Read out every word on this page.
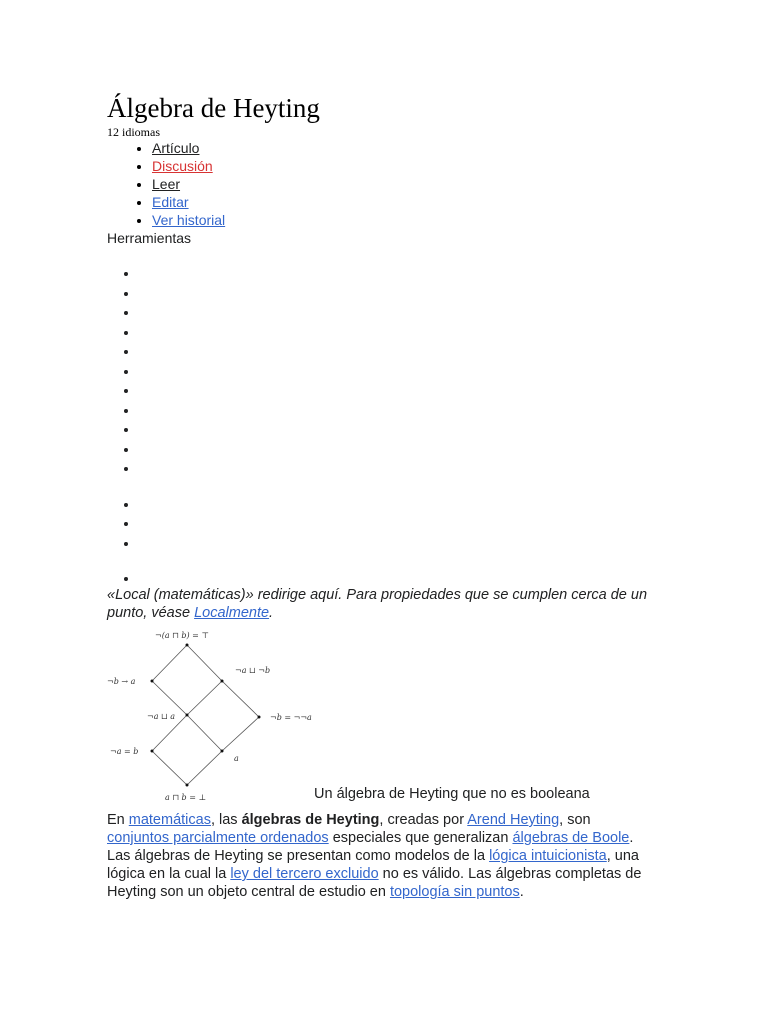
Álgebra de Heyting
12 idiomas
• Artículo
• Discusión
• Leer
• Editar
• Ver historial
Herramientas
•
•
•
•
•
•
•
•
•
•
•
•
•
•
•
«Local (matemáticas)» redirige aquí. Para propiedades que se cumplen cerca de un punto, véase Localmente.
¬(a ⊓ b) = ⊤
¬a ⊔ ¬b
¬b → a
¬a ⊔ a	¬b = ¬¬a
¬a = b
a
a ⊓ b = ⊥	Un álgebra de Heyting que no es booleana
En matemáticas, las álgebras de Heyting, creadas por Arend Heyting, son conjuntos parcialmente ordenados especiales que generalizan álgebras de Boole. Las álgebras de Heyting se presentan como modelos de la lógica intuicionista, una lógica en la cual la ley del tercero excluido no es válido. Las álgebras completas de Heyting son un objeto central de estudio en topología sin puntos.
